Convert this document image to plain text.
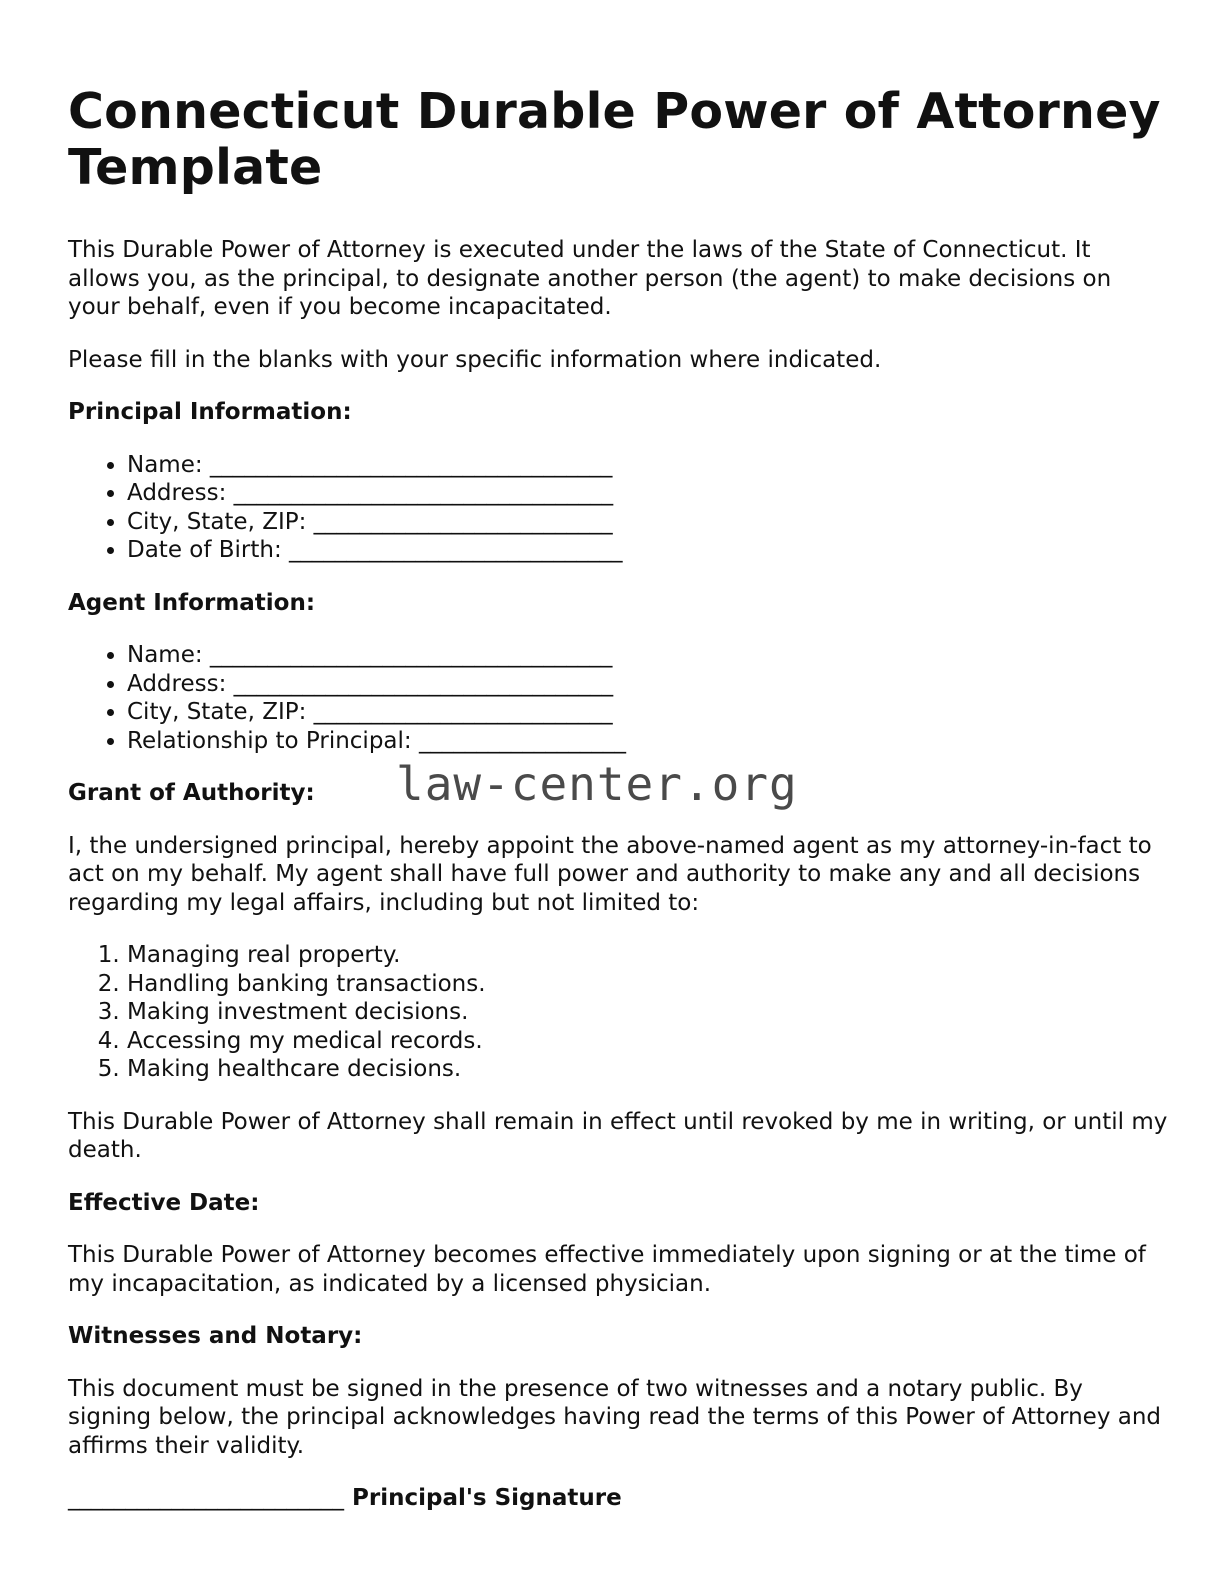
Connecticut Durable Power of Attorney Template

This Durable Power of Attorney is executed under the laws of the State of Connecticut. It allows you, as the principal, to designate another person (the agent) to make decisions on your behalf, even if you become incapacitated.

Please fill in the blanks with your specific information where indicated.

Principal Information:
• Name: ___________________________________
• Address: _________________________________
• City, State, ZIP: __________________________
• Date of Birth: _____________________________
Agent Information:
• Name: ___________________________________
• Address: _________________________________
• City, State, ZIP: __________________________
• Relationship to Principal: __________________
Grant of Authority:	law-center.org

I, the undersigned principal, hereby appoint the above-named agent as my attorney-in-fact to act on my behalf. My agent shall have full power and authority to make any and all decisions regarding my legal affairs, including but not limited to:

1. Managing real property.
2. Handling banking transactions.
3. Making investment decisions.
4. Accessing my medical records.
5. Making healthcare decisions.

This Durable Power of Attorney shall remain in effect until revoked by me in writing, or until my death.

Effective Date:

This Durable Power of Attorney becomes effective immediately upon signing or at the time of my incapacitation, as indicated by a licensed physician.

Witnesses and Notary:

This document must be signed in the presence of two witnesses and a notary public. By signing below, the principal acknowledges having read the terms of this Power of Attorney and affirms their validity.

________________________ Principal's Signature
